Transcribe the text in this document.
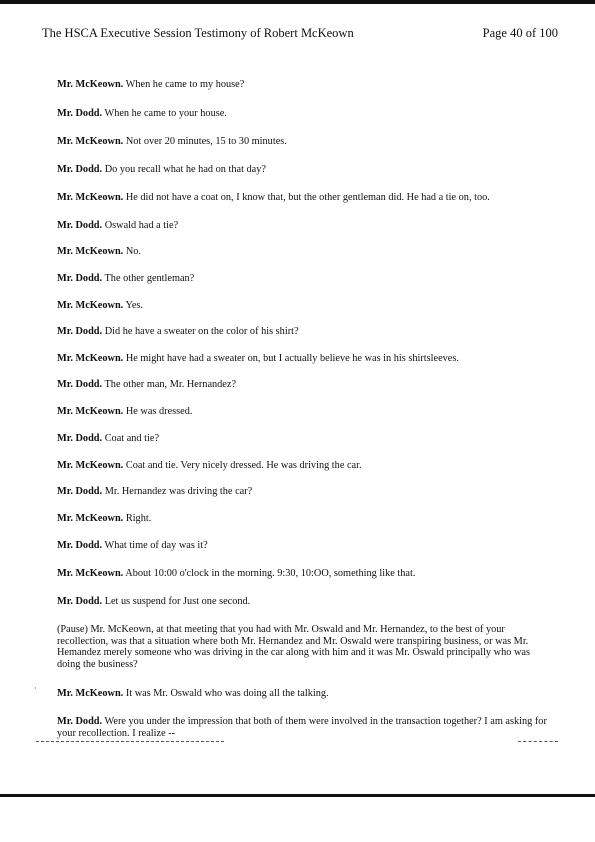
The HSCA Executive Session Testimony of Robert McKeown	Page 40 of 100

Mr. McKeown. When he came to my house?

Mr. Dodd. When he came to your house.

Mr. McKeown. Not over 20 minutes, 15 to 30 minutes.

Mr. Dodd. Do you recall what he had on that day?

Mr. McKeown. He did not have a coat on, I know that, but the other gentleman did. He had a tie on, too.

Mr. Dodd. Oswald had a tie?

Mr. McKeown. No.

Mr. Dodd. The other gentleman?

Mr. McKeown. Yes.

Mr. Dodd. Did he have a sweater on the color of his shirt?

Mr. McKeown. He might have had a sweater on, but I actually believe he was in his shirtsleeves.

Mr. Dodd. The other man, Mr. Hernandez?

Mr. McKeown. He was dressed.

Mr. Dodd. Coat and tie?

Mr. McKeown. Coat and tie. Very nicely dressed. He was driving the car.

Mr. Dodd. Mr. Hernandez was driving the car?

Mr. McKeown. Right.

Mr. Dodd. What time of day was it?

Mr. McKeown. About 10:00 o'clock in the morning. 9:30, 10:OO, something like that.

Mr. Dodd. Let us suspend for Just one second.

(Pause) Mr. McKeown, at that meeting that you had with Mr. Oswald and Mr. Hernandez, to the best of your recollection, was that a situation where both Mr. Hernandez and Mr. Oswald were transpiring business, or was Mr. Hemandez merely someone who was driving in the car along with him and it was Mr. Oswald principally who was doing the business?

Mr. McKeown. It was Mr. Oswald who was doing all the talking.

Mr. Dodd. Were you under the impression that both of them were involved in the transaction together? I am asking for your recollection. I realize --

·
